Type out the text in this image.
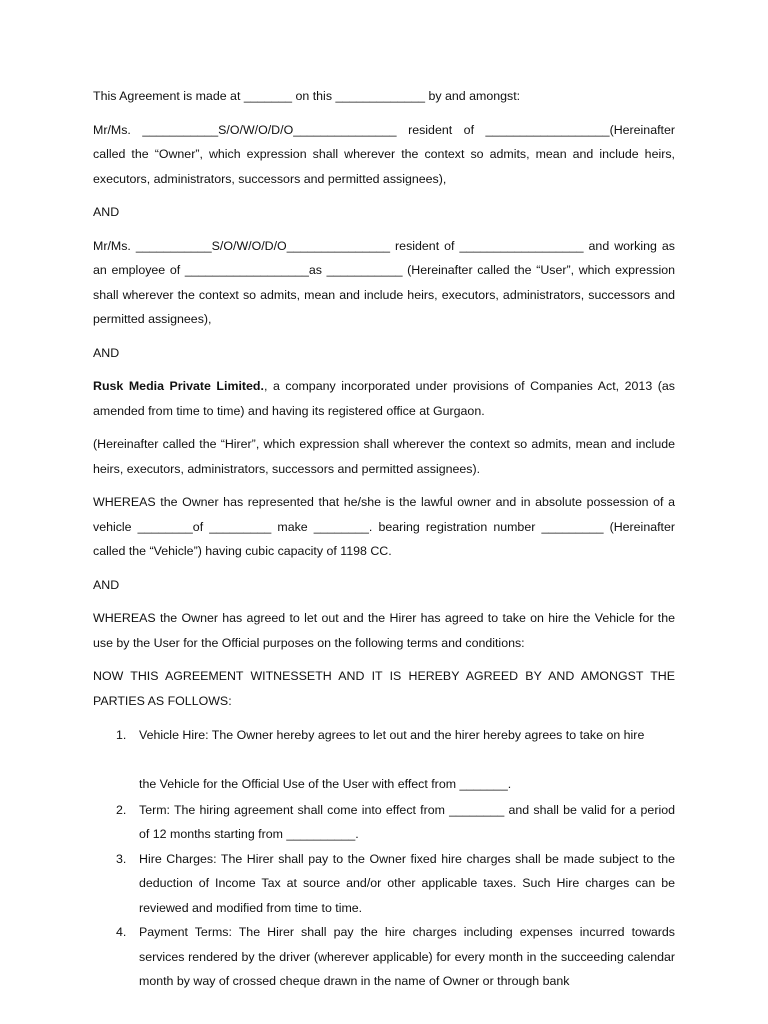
This Agreement is made at _______ on this _____________ by and amongst:

Mr/Ms. ___________S/O/W/O/D/O_______________ resident of __________________(Hereinafter called the “Owner”, which expression shall wherever the context so admits, mean and include heirs, executors, administrators, successors and permitted assignees),

AND

Mr/Ms. ___________S/O/W/O/D/O_______________ resident of __________________ and working as an employee of __________________as ___________ (Hereinafter called the “User”, which expression shall wherever the context so admits, mean and include heirs, executors, administrators, successors and permitted assignees),

AND

Rusk Media Private Limited., a company incorporated under provisions of Companies Act, 2013 (as amended from time to time) and having its registered office at Gurgaon.

(Hereinafter called the “Hirer”, which expression shall wherever the context so admits, mean and include heirs, executors, administrators, successors and permitted assignees).

WHEREAS the Owner has represented that he/she is the lawful owner and in absolute possession of a vehicle ________of _________ make ________. bearing registration number _________ (Hereinafter called the “Vehicle”) having cubic capacity of 1198 CC.

AND

WHEREAS the Owner has agreed to let out and the Hirer has agreed to take on hire the Vehicle for the use by the User for the Official purposes on the following terms and conditions:

NOW THIS AGREEMENT WITNESSETH AND IT IS HEREBY AGREED BY AND AMONGST THE PARTIES AS FOLLOWS:

1. Vehicle Hire: The Owner hereby agrees to let out and the hirer hereby agrees to take on hire
the Vehicle for the Official Use of the User with effect from _______.
2. Term: The hiring agreement shall come into effect from ________ and shall be valid for a period of 12 months starting from __________.
3. Hire Charges: The Hirer shall pay to the Owner fixed hire charges shall be made subject to the deduction of Income Tax at source and/or other applicable taxes. Such Hire charges can be reviewed and modified from time to time.
4. Payment Terms: The Hirer shall pay the hire charges including expenses incurred towards services rendered by the driver (wherever applicable) for every month in the succeeding calendar month by way of crossed cheque drawn in the name of Owner or through bank
